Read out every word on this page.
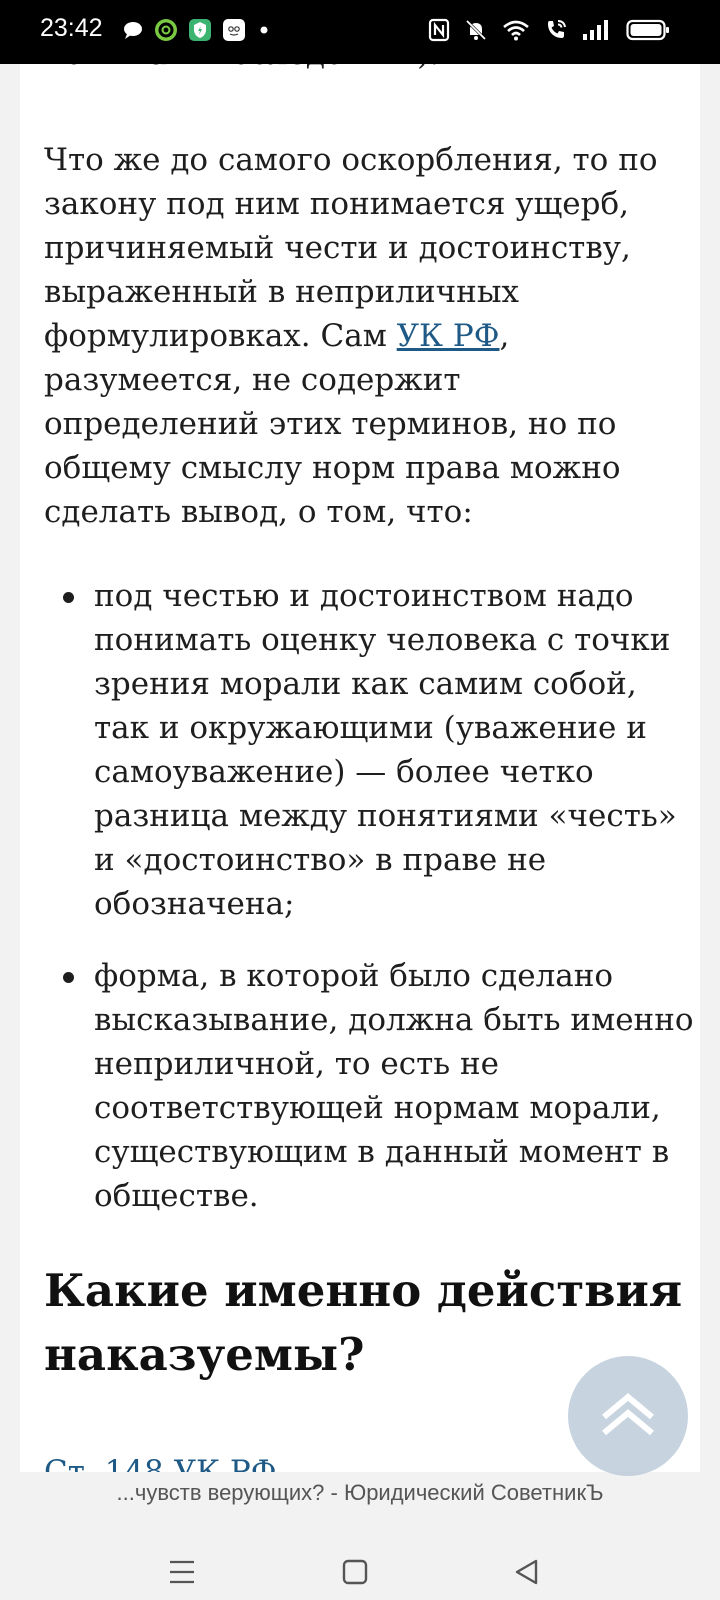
23:42
Что же до самого оскорбления, то по закону под ним понимается ущерб, причиняемый чести и достоинству, выраженный в неприличных формулировках. Сам УК РФ, разумеется, не содержит определений этих терминов, но по общему смыслу норм права можно сделать вывод, о том, что:
под честью и достоинством надо понимать оценку человека с точки зрения морали как самим собой, так и окружающими (уважение и самоуважение) — более четко разница между понятиями «честь» и «достоинство» в праве не обозначена;
форма, в которой было сделано высказывание, должна быть именно неприличной, то есть не соответствующей нормам морали, существующим в данный момент в обществе.
Какие именно действия наказуемы?
...чувств верующих? - Юридический СоветникЪ
